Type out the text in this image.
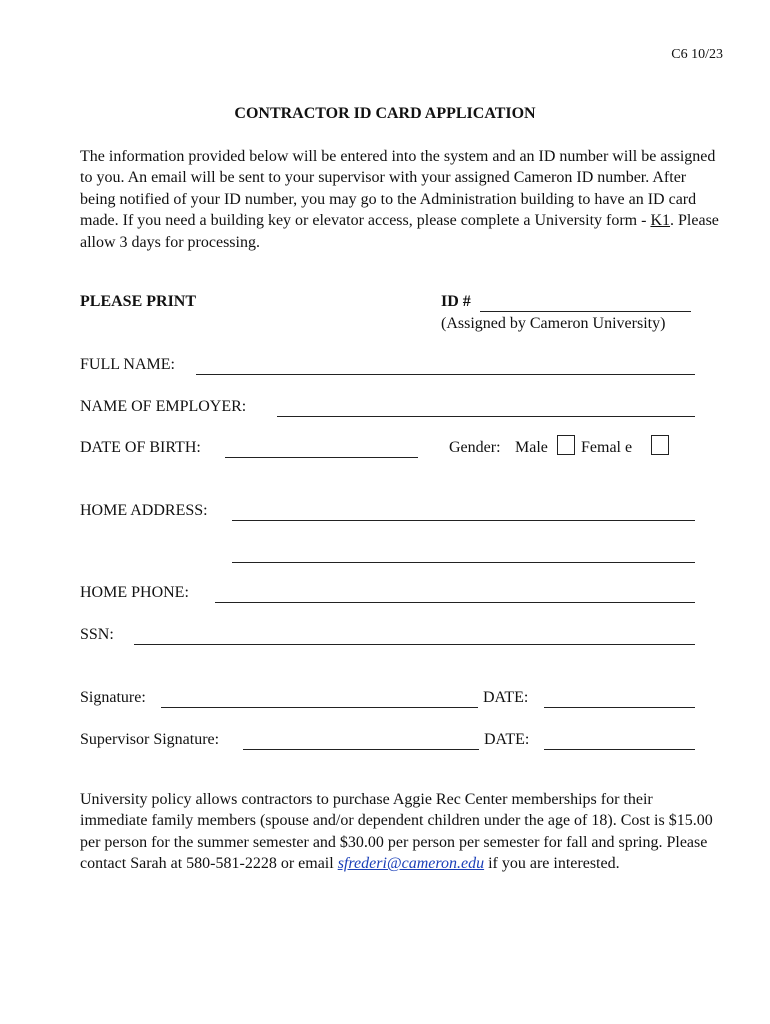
C6 10/23
CONTRACTOR ID CARD APPLICATION
The information provided below will be entered into the system and an ID number will be assigned to you. An email will be sent to your supervisor with your assigned Cameron ID number. After being notified of your ID number, you may go to the Administration building to have an ID card made. If you need a building key or elevator access, please complete a University form - K1. Please allow 3 days for processing.
PLEASE PRINT	ID #
(Assigned by Cameron University)
FULL NAME:
NAME OF EMPLOYER:
DATE OF BIRTH:	Gender: Male Femal e
HOME ADDRESS:
HOME PHONE:
SSN:
Signature:	DATE:
Supervisor Signature:	DATE:
University policy allows contractors to purchase Aggie Rec Center memberships for their immediate family members (spouse and/or dependent children under the age of 18). Cost is $15.00 per person for the summer semester and $30.00 per person per semester for fall and spring. Please contact Sarah at 580-581-2228 or email sfrederi@cameron.edu if you are interested.
